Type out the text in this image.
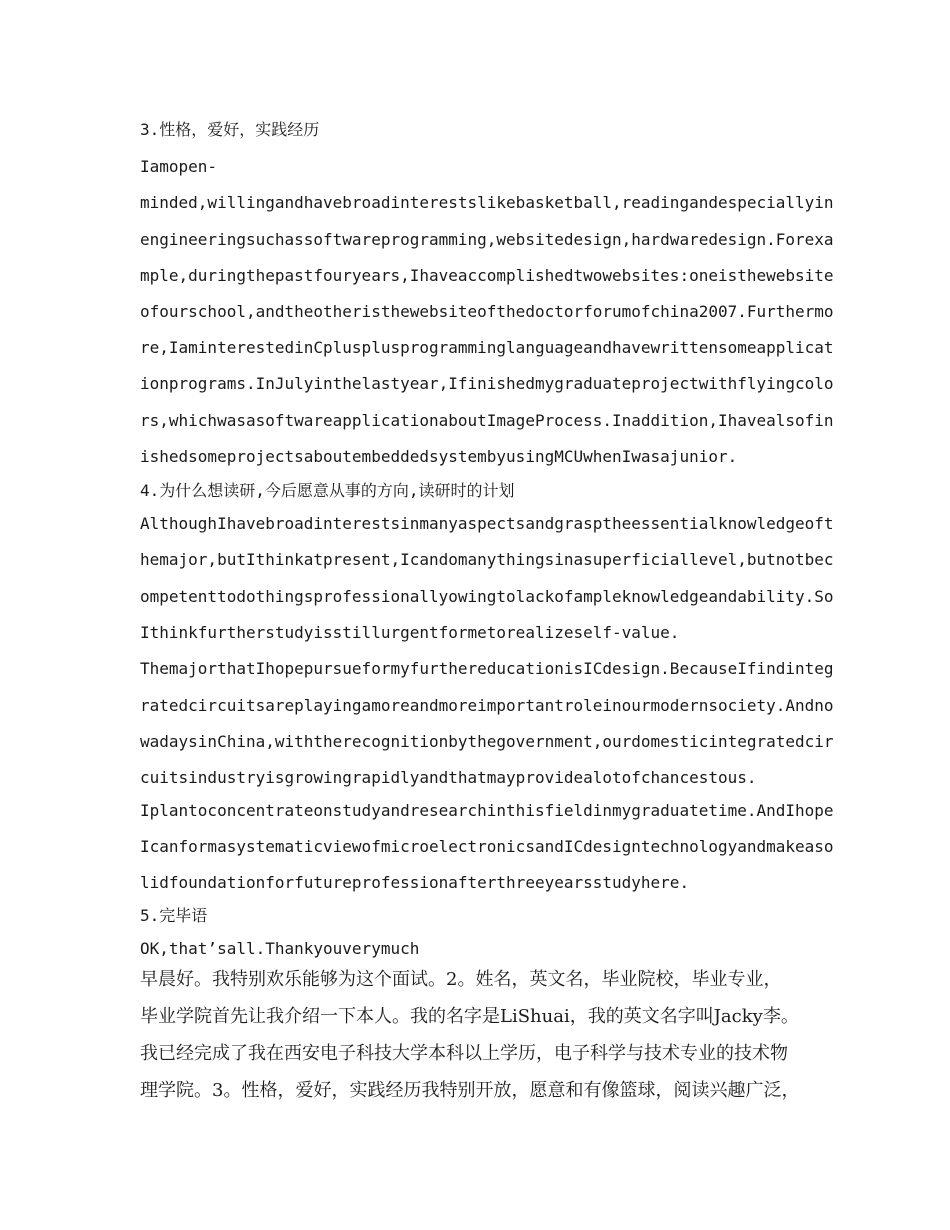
3.性格，爱好，实践经历
Iamopen-
minded,willingandhavebroadinterestslikebasketball,readingandespeciallyin
engineeringsuchassoftwareprogramming,websitedesign,hardwaredesign.Forexa
mple,duringthepastfouryears,Ihaveaccomplishedtwowebsites:oneisthewebsite
ofourschool,andtheotheristhewebsiteofthedoctorforumofchina2007.Furthermo
re,IaminterestedinCplusplusprogramminglanguageandhavewrittensomeapplicat
ionprograms.InJulyinthelastyear,Ifinishedmygraduateprojectwithflyingcolo
rs,whichwasasoftwareapplicationaboutImageProcess.Inaddition,Ihavealsofin
ishedsomeprojectsaboutembeddedsystembyusingMCUwhenIwasajunior.
4.为什么想读研,今后愿意从事的方向,读研时的计划
AlthoughIhavebroadinterestsinmanyaspectsandgrasptheessentialknowledgeoft
hemajor,butIthinkatpresent,Icandomanythingsinasuperficiallevel,butnotbec
ompetenttodothingsprofessionallyowingtolackofampleknowledgeandability.So
Ithinkfurtherstudyisstillurgentformetorealizeself-value.
ThemajorthatIhopepursueformyfurthereducationisICdesign.BecauseIfindinteg
ratedcircuitsareplayingamoreandmoreimportantroleinourmodernsociety.Andno
wadaysinChina,withtherecognitionbythegovernment,ourdomesticintegratedcir
cuitsindustryisgrowingrapidlyandthatmayprovidealotofchancestous.
Iplantoconcentrateonstudyandresearchinthisfieldinmygraduatetime.AndIhope
IcanformasystematicviewofmicroelectronicsandICdesigntechnologyandmakeaso
lidfoundationforfutureprofessionafterthreeyearsstudyhere.
5.完毕语
OK,that’sall.Thankyouverymuch
早晨好。我特别欢乐能够为这个面试。2。姓名，英文名，毕业院校，毕业专业，
毕业学院首先让我介绍一下本人。我的名字是LiShuai，我的英文名字叫Jacky李。
我已经完成了我在西安电子科技大学本科以上学历，电子科学与技术专业的技术物
理学院。3。性格，爱好，实践经历我特别开放，愿意和有像篮球，阅读兴趣广泛，
